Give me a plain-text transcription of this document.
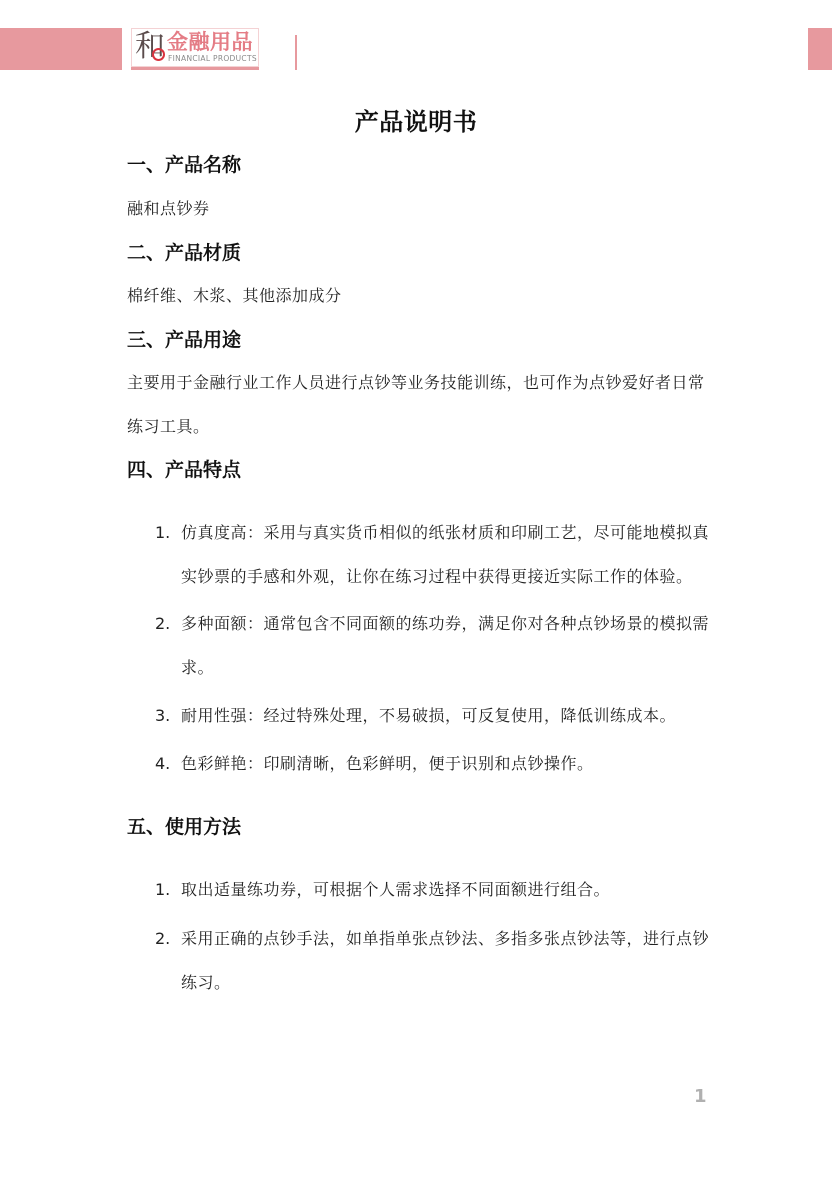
和 金融用品
FINANCIAL PRODUCTS
产品说明书
一、产品名称
融和点钞券
二、产品材质
棉纤维、木浆、其他添加成分
三、产品用途
主要用于金融行业工作人员进行点钞等业务技能训练，也可作为点钞爱好者日常练习工具。
四、产品特点
1. 仿真度高：采用与真实货币相似的纸张材质和印刷工艺，尽可能地模拟真实钞票的手感和外观，让你在练习过程中获得更接近实际工作的体验。
2. 多种面额：通常包含不同面额的练功券，满足你对各种点钞场景的模拟需求。
3. 耐用性强：经过特殊处理，不易破损，可反复使用，降低训练成本。
4. 色彩鲜艳：印刷清晰，色彩鲜明，便于识别和点钞操作。
五、使用方法
1. 取出适量练功券，可根据个人需求选择不同面额进行组合。
2. 采用正确的点钞手法，如单指单张点钞法、多指多张点钞法等，进行点钞练习。
1
